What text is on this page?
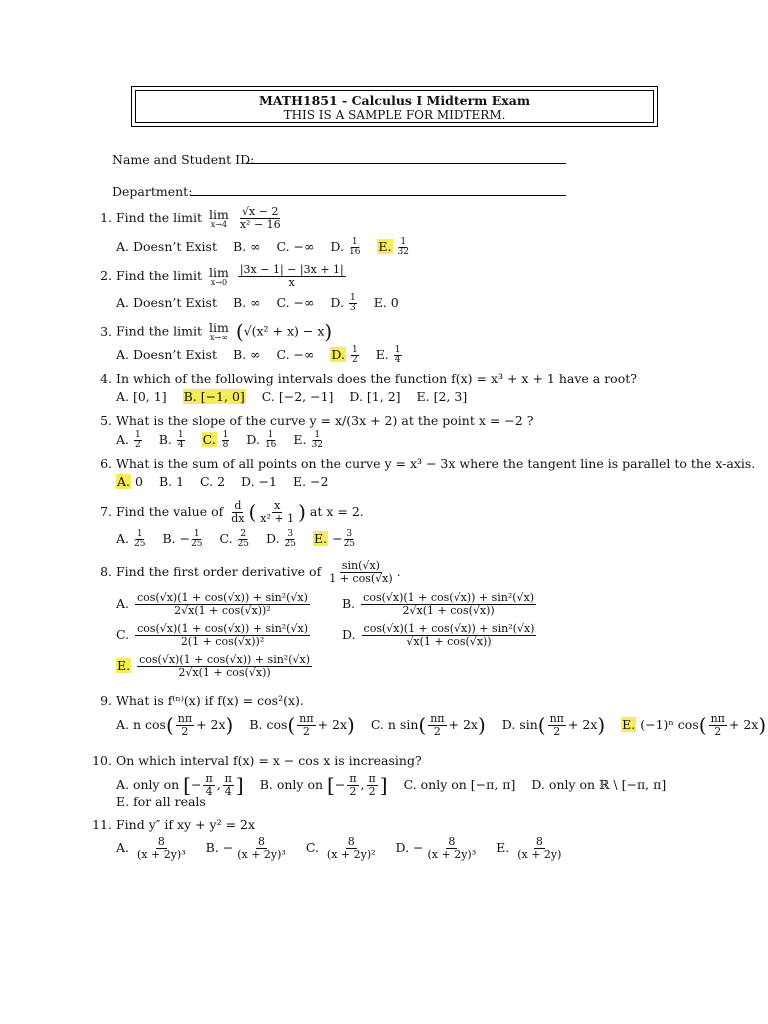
MATH1851 - Calculus I Midterm Exam
THIS IS A SAMPLE FOR MIDTERM.
Name and Student ID:
Department:
1. Find the limit lim
x→4
$\frac{√x - 2}{\text{x² − 16}}$
A. Doesn’t Exist B. ∞ C. −∞ D. $\frac{1}{16} E$. $\frac{1}{32}$
2. Find the limit lim
x→0
$\frac{|3x - 1| - |3x + 1|}{x}$
A. Doesn’t Exist B. ∞ C. −∞ D. $\frac{1}{3} E$. 0
3. Find the limit lim
x→∞ (√(x² + x) − x)
A. Doesn’t Exist B. ∞ C. −∞ D. $\frac{1}{2} E$. $\frac{1}{4}$
4. In which of the following intervals does the function f(x) = x³ + x + 1 have a root?
A. [0, 1] B. [−1, 0] C. [−2, −1] D. [1, 2] E. [2, 3]
5. What is the slope of the curve y = x/(3x + 2) at the point x = −2 ?
A. $\frac{1}{2} B$. $\frac{1}{4} C$. $\frac{1}{8} D$. $\frac{1}{16} E$. $\frac{1}{32}$
6. What is the sum of all points on the curve y = x³ − 3x where the tangent line is parallel to the x-axis.
A. 0 B. 1 C. 2 D. −1 E. −2
7. Find the value of $\frac{d}{dx}$ ( $\frac{x}{\text{x² + 1}}$ ) at x = 2.
A. $\frac{1}{25} B$. − $\frac{1}{25} C$. $\frac{2}{25} D$. $\frac{3}{25} E$. − $\frac{3}{25}$
8. Find the first order derivative of $\frac{\sin(√x)}{1 + \cos(√x)}$ .
A. $\frac{\text{cos(√x)(1 + cos(√x)) + sin²(√x)}}{\text{2√x(1 + cos(√x))²}}$	B. $\frac{\text{cos(√x)(1 + cos(√x)) + sin²(√x)}}{2√x(1 + \cos(√x))}$
C. $\frac{\text{cos(√x)(1 + cos(√x)) + sin²(√x)}}{\text{2(1 + cos(√x))²}}$	D. $\frac{\text{cos(√x)(1 + cos(√x)) + sin²(√x)}}{√x(1 + \cos(√x))}$
E. $\frac{\text{cos(√x)(1 + cos(√x)) + sin²(√x)}}{2√x(1 + \cos(√x))}$
9. What is f⁽ⁿ⁾(x) if f(x) = cos²(x).
A. n $\cos( \frac{n\pi}{2} + 2x)$ B. $\cos( \frac{n\pi}{2} + 2x)$ C. n $\sin( \frac{n\pi}{2} + 2x)$ D. $\sin( \frac{n\pi}{2} + 2x)$ E. (−1)ⁿ $\cos( \frac{n\pi}{2} + 2x)$
10. On which interval f(x) = x − cos x is increasing?
A. only on [− $\frac{\pi}{4}$ , $\frac{\pi}{4}$ ] B. only on [− $\frac{\pi}{2}$ , $\frac{\pi}{2}$ ] C. only on [−π, π] D. only on ℝ \ [−π, π]
E. for all reals
11. Find y″ if xy + y² = 2x
A. $\frac{8}{\text{(x + 2y)³}} B$. − $\frac{8}{\text{(x + 2y)³}} C$. $\frac{8}{\text{(x + 2y)²}} D$. − $\frac{8}{\text{(x + 2y)³}} E$. $\frac{8}{(x + 2y)}$
